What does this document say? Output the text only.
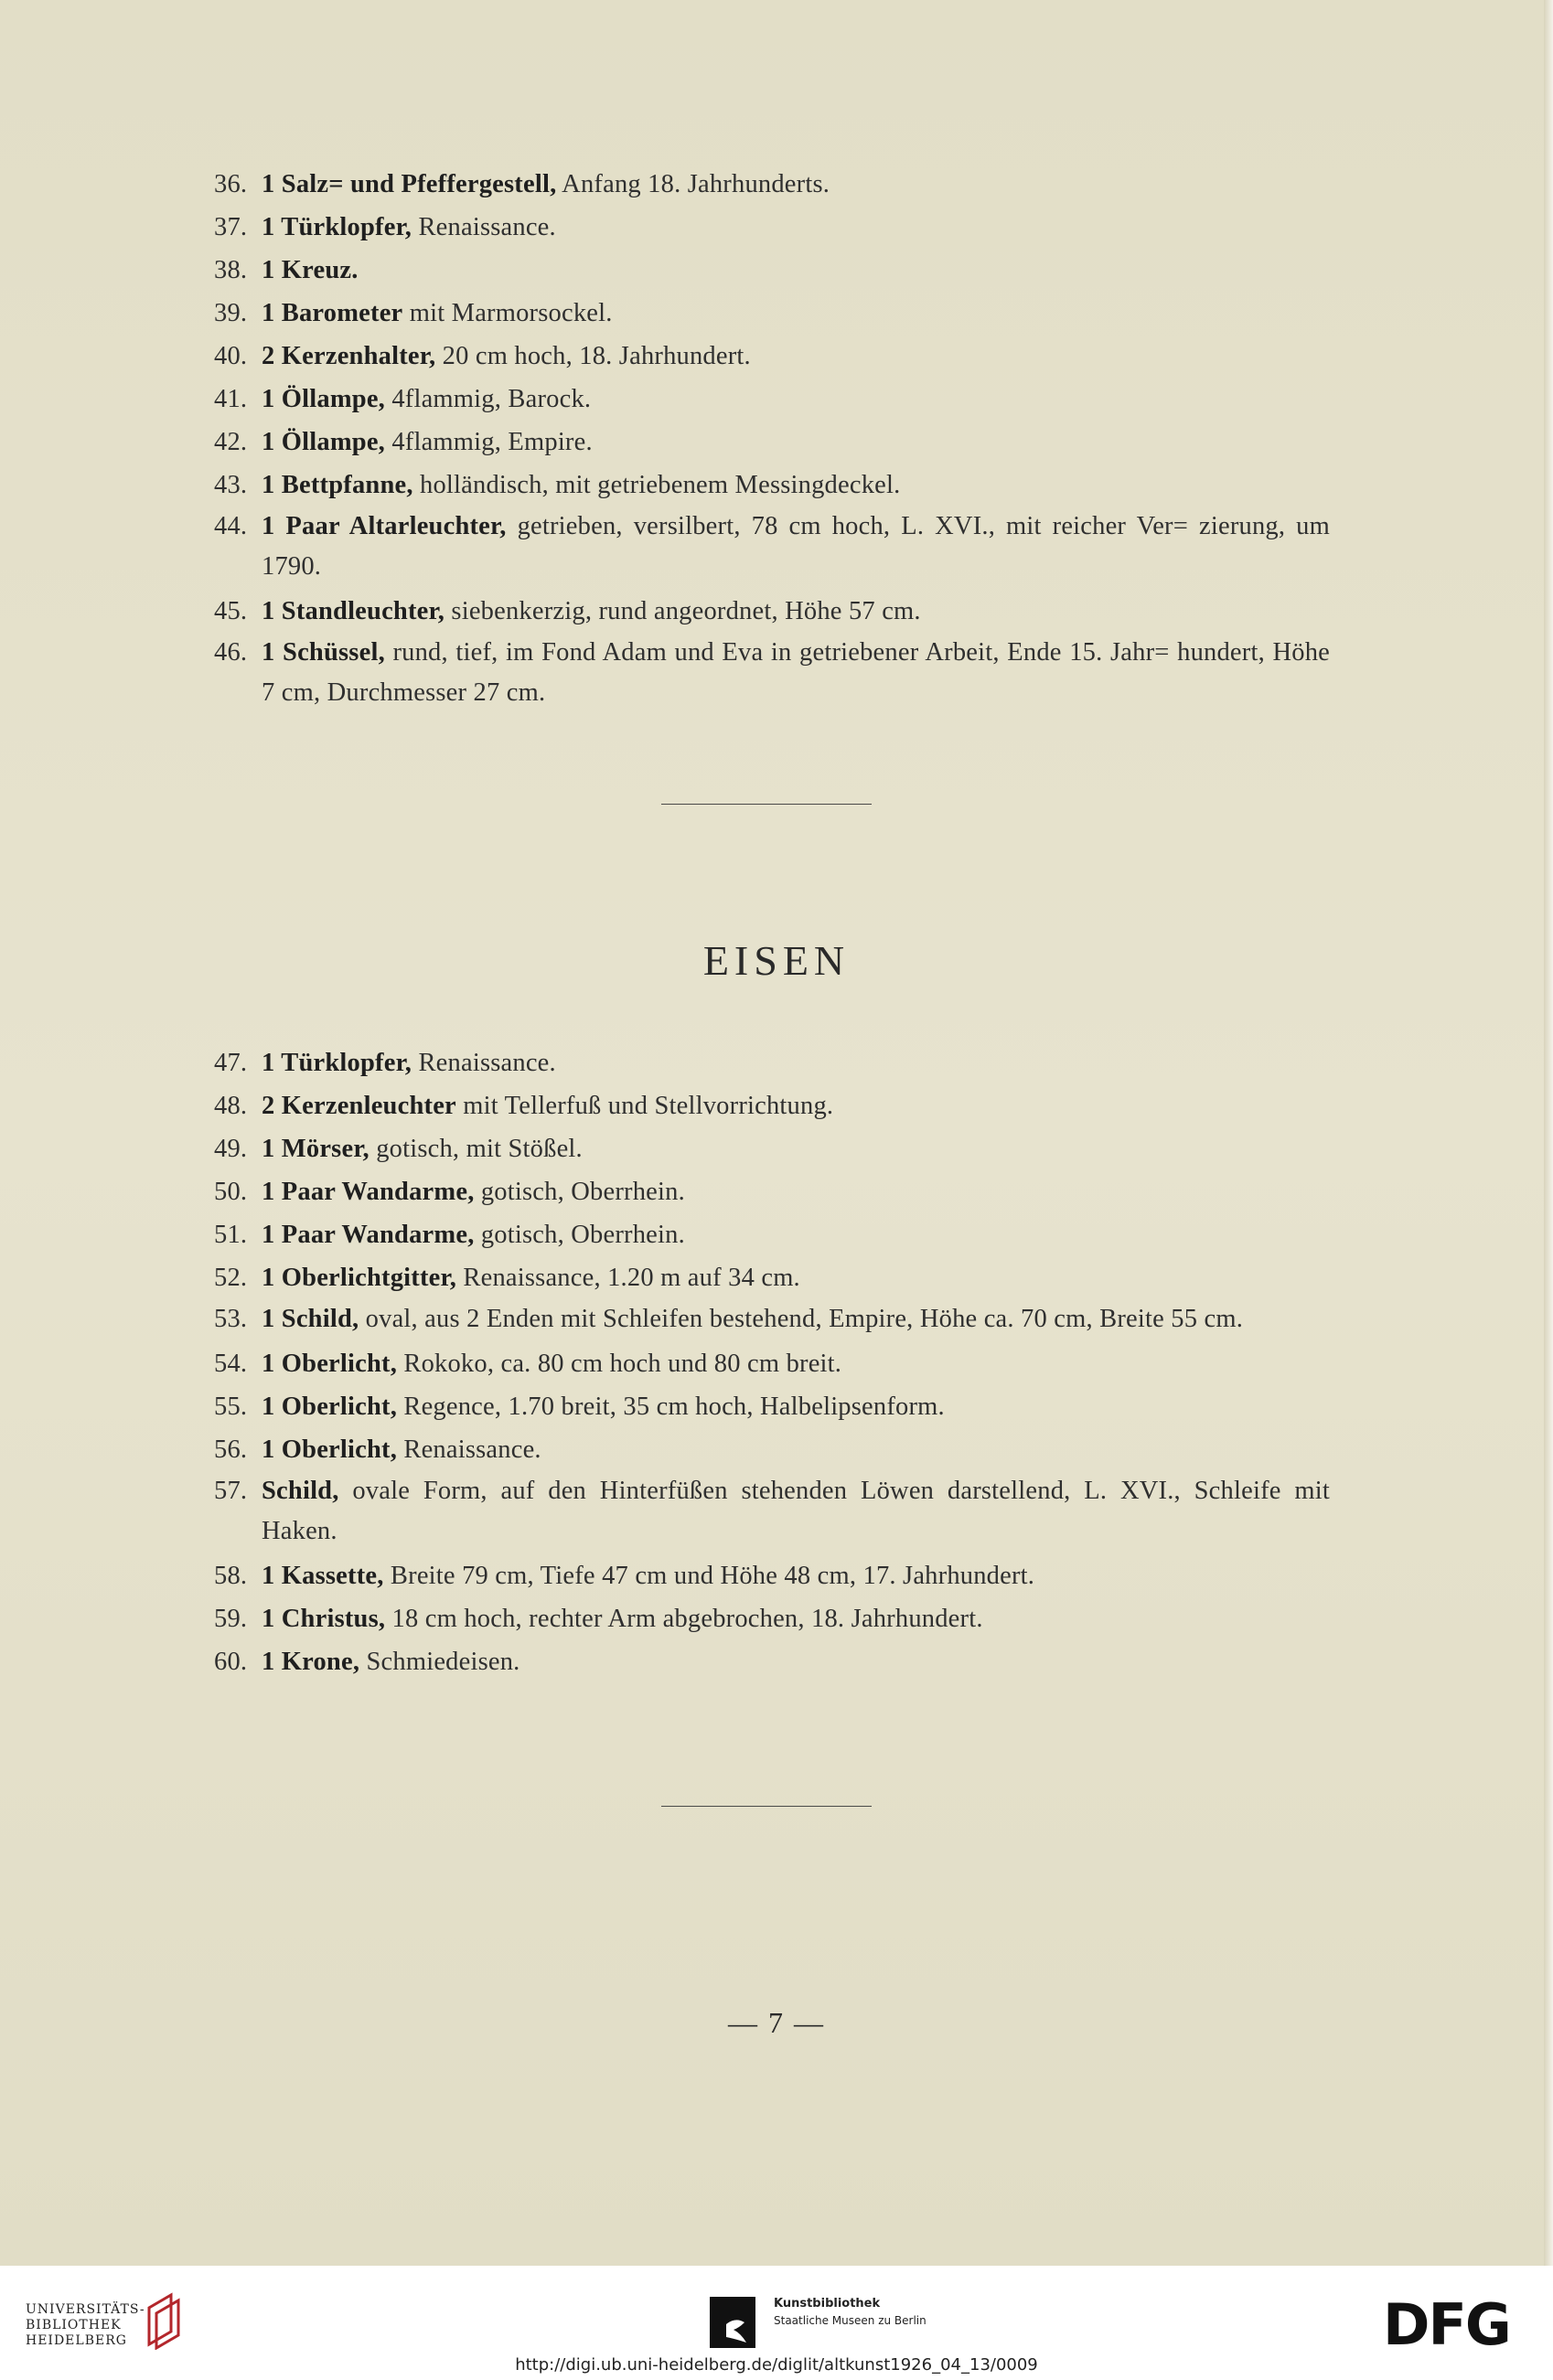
36. 1 Salz= und Pfeffergestell, Anfang 18. Jahrhunderts.
37. 1 Türklopfer, Renaissance.
38. 1 Kreuz.
39. 1 Barometer mit Marmorsockel.
40. 2 Kerzenhalter, 20 cm hoch, 18. Jahrhundert.
41. 1 Öllampe, 4flammig, Barock.
42. 1 Öllampe, 4flammig, Empire.
43. 1 Bettpfanne, holländisch, mit getriebenem Messingdeckel.
44. 1 Paar Altarleuchter, getrieben, versilbert, 78 cm hoch, L. XVI., mit reicher Ver= zierung, um 1790.
45. 1 Standleuchter, siebenkerzig, rund angeordnet, Höhe 57 cm.
46. 1 Schüssel, rund, tief, im Fond Adam und Eva in getriebener Arbeit, Ende 15. Jahr= hundert, Höhe 7 cm, Durchmesser 27 cm.
EISEN
47. 1 Türklopfer, Renaissance.
48. 2 Kerzenleuchter mit Tellerfuß und Stellvorrichtung.
49. 1 Mörser, gotisch, mit Stößel.
50. 1 Paar Wandarme, gotisch, Oberrhein.
51. 1 Paar Wandarme, gotisch, Oberrhein.
52. 1 Oberlichtgitter, Renaissance, 1.20 m auf 34 cm.
53. 1 Schild, oval, aus 2 Enden mit Schleifen bestehend, Empire, Höhe ca. 70 cm, Breite 55 cm.
54. 1 Oberlicht, Rokoko, ca. 80 cm hoch und 80 cm breit.
55. 1 Oberlicht, Regence, 1.70 breit, 35 cm hoch, Halbelipsenform.
56. 1 Oberlicht, Renaissance.
57. Schild, ovale Form, auf den Hinterfüßen stehenden Löwen darstellend, L. XVI., Schleife mit Haken.
58. 1 Kassette, Breite 79 cm, Tiefe 47 cm und Höhe 48 cm, 17. Jahrhundert.
59. 1 Christus, 18 cm hoch, rechter Arm abgebrochen, 18. Jahrhundert.
60. 1 Krone, Schmiedeisen.
— 7 —
UNIVERSITÄTS-
BIBLIOTHEK
HEIDELBERG
Kunstbibliothek
Staatliche Museen zu Berlin	DFG
http://digi.ub.uni-heidelberg.de/diglit/altkunst1926_04_13/0009
